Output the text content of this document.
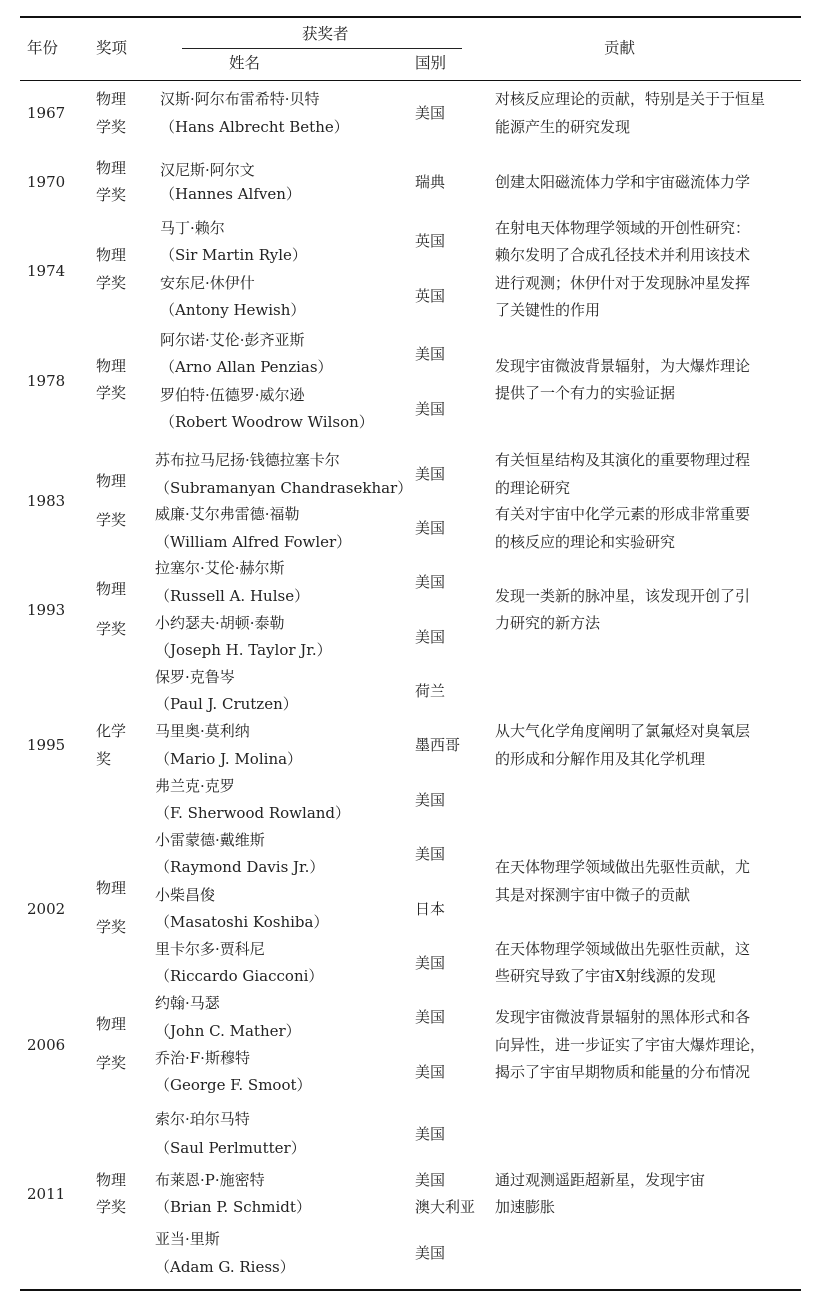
年份 奖项
获奖者
姓名	国别
贡献
1967
物理
学奖
汉斯·阿尔布雷希特·贝特
（Hans Albrecht Bethe）
美国
对核反应理论的贡献，特别是关于于恒星
能源产生的研究发现
1970
物理
学奖
汉尼斯·阿尔文
（Hannes Alfven）
瑞典	创建太阳磁流体力学和宇宙磁流体力学
1974
物理
学奖
马丁·赖尔
（Sir Martin Ryle）
安东尼·休伊什
（Antony Hewish）
英国
英国
在射电天体物理学领域的开创性研究：
赖尔发明了合成孔径技术并利用该技术
进行观测；休伊什对于发现脉冲星发挥
了关键性的作用
1978
物理
学奖
阿尔诺·艾伦·彭齐亚斯
（Arno Allan Penzias）
罗伯特·伍德罗·威尔逊
（Robert Woodrow Wilson）
美国
美国
发现宇宙微波背景辐射，为大爆炸理论
提供了一个有力的实验证据
1983
物理
学奖
苏布拉马尼扬·钱德拉塞卡尔
（Subramanyan Chandrasekhar）
威廉·艾尔弗雷德·福勒
（William Alfred Fowler）
美国
美国
有关恒星结构及其演化的重要物理过程
的理论研究
有关对宇宙中化学元素的形成非常重要
的核反应的理论和实验研究
1993
物理
学奖
拉塞尔·艾伦·赫尔斯
（Russell A. Hulse）
小约瑟夫·胡顿·泰勒
（Joseph H. Taylor Jr.）
美国
美国
发现一类新的脉冲星，该发现开创了引
力研究的新方法
1995
化学
奖
保罗·克鲁岑
（Paul J. Crutzen）
马里奥·莫利纳
（Mario J. Molina）
弗兰克·克罗
（F. Sherwood Rowland）
荷兰
墨西哥
美国
从大气化学角度阐明了氯氟烃对臭氧层
的形成和分解作用及其化学机理
2002
物理
学奖
小雷蒙德·戴维斯
（Raymond Davis Jr.）
小柴昌俊
（Masatoshi Koshiba）
里卡尔多·贾科尼
（Riccardo Giacconi）
美国
日本
美国
在天体物理学领域做出先驱性贡献，尤
其是对探测宇宙中微子的贡献
在天体物理学领域做出先驱性贡献，这
些研究导致了宇宙X射线源的发现
2006
物理
学奖
约翰·马瑟
（John C. Mather）
乔治·F·斯穆特
（George F. Smoot）
美国
美国
发现宇宙微波背景辐射的黑体形式和各
向异性，进一步证实了宇宙大爆炸理论，
揭示了宇宙早期物质和能量的分布情况
2011
物理
学奖
索尔·珀尔马特
（Saul Perlmutter）
布莱恩·P·施密特
（Brian P. Schmidt）
亚当·里斯
（Adam G. Riess）
美国
美国
澳大利亚
美国
通过观测遥距超新星，发现宇宙
加速膨胀
